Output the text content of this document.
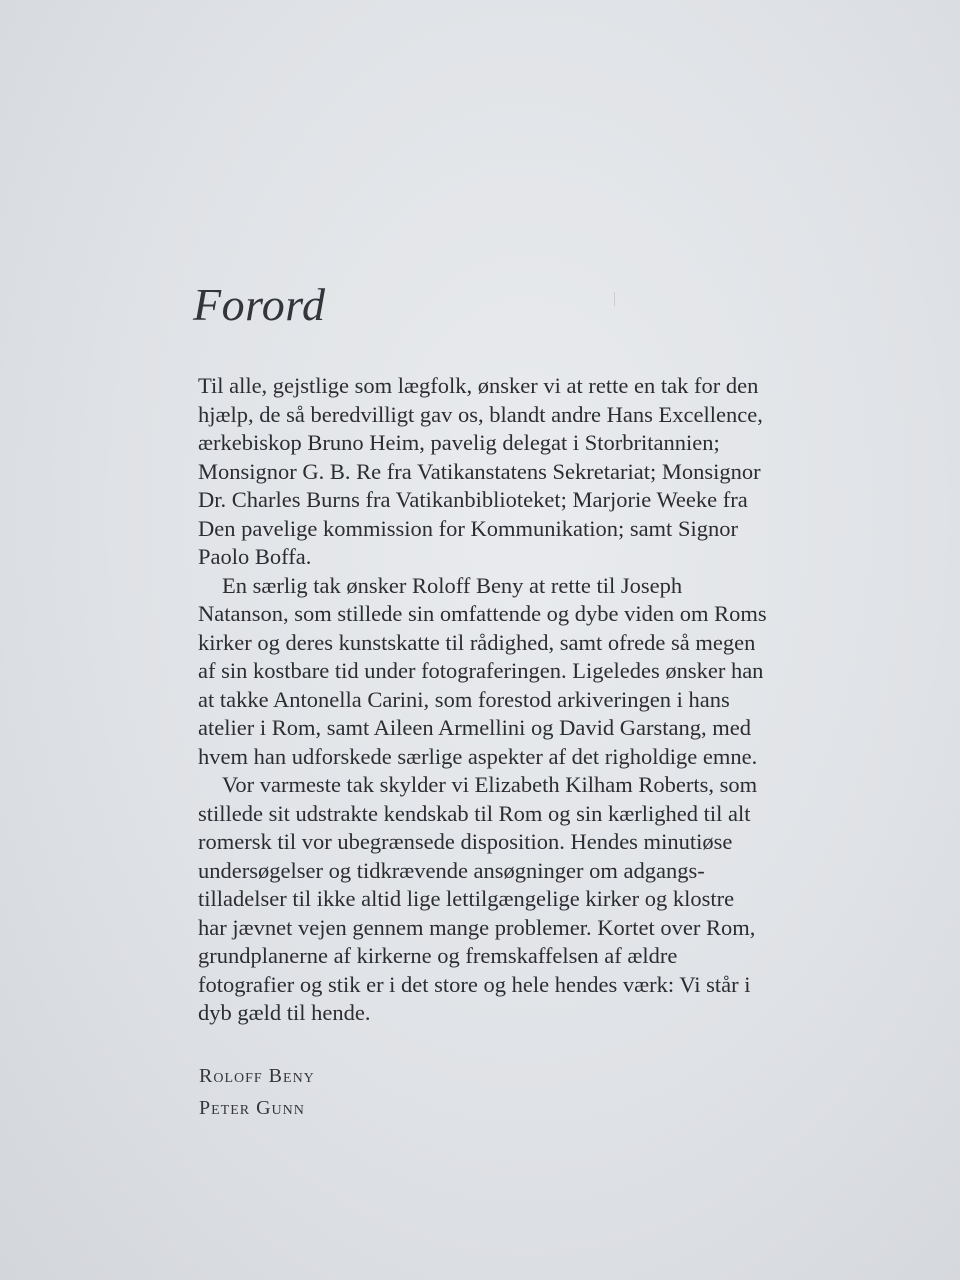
Forord
Til alle, gejstlige som lægfolk, ønsker vi at rette en tak for den
hjælp, de så beredvilligt gav os, blandt andre Hans Excellence,
ærkebiskop Bruno Heim, pavelig delegat i Storbritannien;
Monsignor G. B. Re fra Vatikanstatens Sekretariat; Monsignor
Dr. Charles Burns fra Vatikanbiblioteket; Marjorie Weeke fra
Den pavelige kommission for Kommunikation; samt Signor
Paolo Boffa.
En særlig tak ønsker Roloff Beny at rette til Joseph
Natanson, som stillede sin omfattende og dybe viden om Roms
kirker og deres kunstskatte til rådighed, samt ofrede så megen
af sin kostbare tid under fotograferingen. Ligeledes ønsker han
at takke Antonella Carini, som forestod arkiveringen i hans
atelier i Rom, samt Aileen Armellini og David Garstang, med
hvem han udforskede særlige aspekter af det righoldige emne.
Vor varmeste tak skylder vi Elizabeth Kilham Roberts, som
stillede sit udstrakte kendskab til Rom og sin kærlighed til alt
romersk til vor ubegrænsede disposition. Hendes minutiøse
undersøgelser og tidkrævende ansøgninger om adgangs-
tilladelser til ikke altid lige lettilgængelige kirker og klostre
har jævnet vejen gennem mange problemer. Kortet over Rom,
grundplanerne af kirkerne og fremskaffelsen af ældre
fotografier og stik er i det store og hele hendes værk: Vi står i
dyb gæld til hende.
Roloff Beny
Peter Gunn
